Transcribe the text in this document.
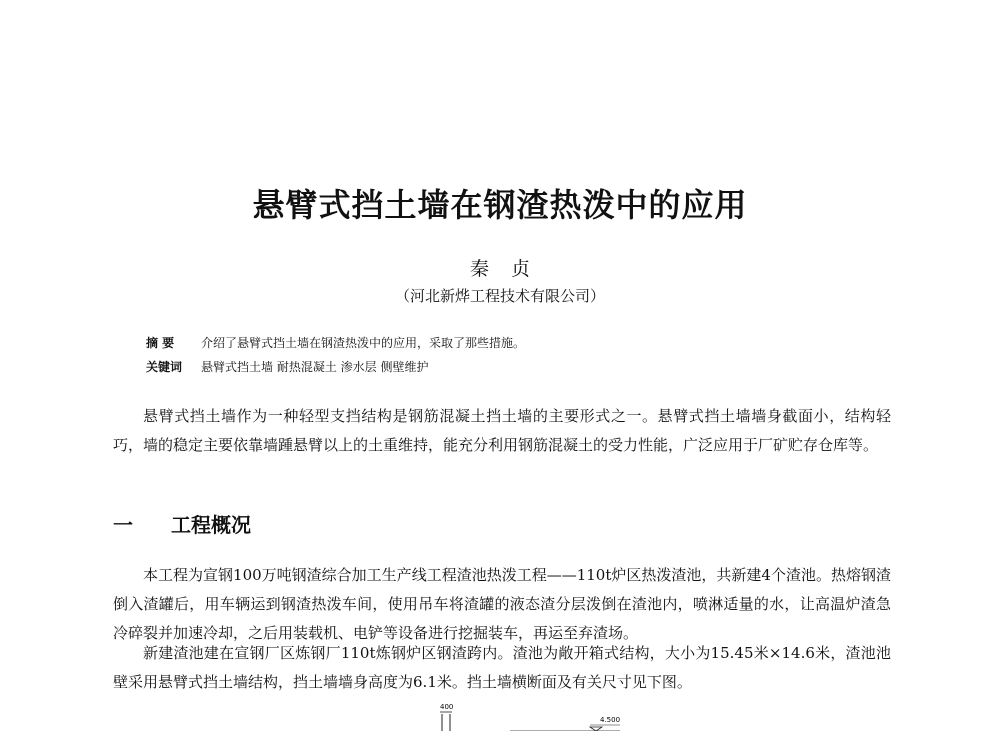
悬臂式挡土墙在钢渣热泼中的应用
秦贞
（河北新烨工程技术有限公司）
摘 要 介绍了悬臂式挡土墙在钢渣热泼中的应用，采取了那些措施。
关键词 悬臂式挡土墙 耐热混凝土 渗水层 侧壁维护

悬臂式挡土墙作为一种轻型支挡结构是钢筋混凝土挡土墙的主要形式之一。悬臂式挡土墙墙身截面小，结构轻巧，墙的稳定主要依靠墙踵悬臂以上的土重维持，能充分利用钢筋混凝土的受力性能，广泛应用于厂矿贮存仓库等。

一 工程概况

本工程为宣钢100万吨钢渣综合加工生产线工程渣池热泼工程——110t炉区热泼渣池，共新建4个渣池。热熔钢渣倒入渣罐后，用车辆运到钢渣热泼车间，使用吊车将渣罐的液态渣分层泼倒在渣池内，喷淋适量的水，让高温炉渣急冷碎裂并加速冷却，之后用装载机、电铲等设备进行挖掘装车，再运至弃渣场。

新建渣池建在宣钢厂区炼钢厂110t炼钢炉区钢渣跨内。渣池为敞开箱式结构，大小为15.45米×14.6米，渣池池壁采用悬臂式挡土墙结构，挡土墙墙身高度为6.1米。挡土墙横断面及有关尺寸见下图。

400
4.500
